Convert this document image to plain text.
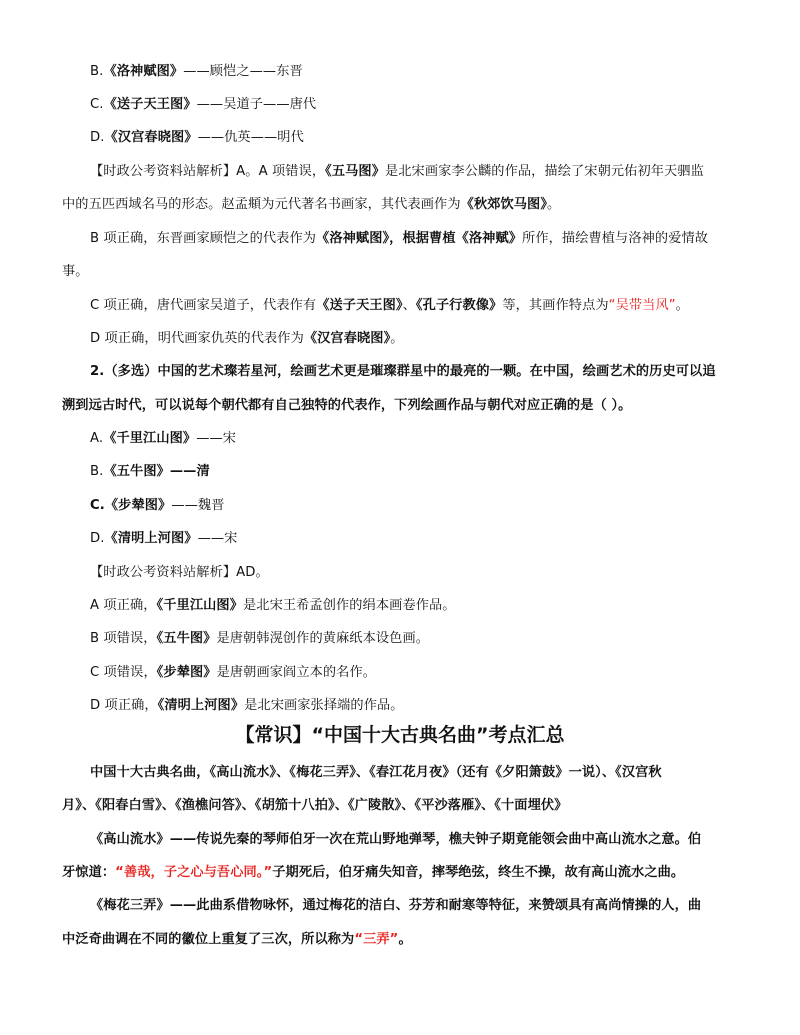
B.《洛神赋图》——顾恺之——东晋
C.《送子天王图》——吴道子——唐代
D.《汉宫春晓图》——仇英——明代
【时政公考资料站解析】A。A 项错误，《五马图》是北宋画家李公麟的作品，描绘了宋朝元佑初年天驷监
中的五匹西域名马的形态。赵孟頫为元代著名书画家，其代表画作为《秋郊饮马图》。
B 项正确，东晋画家顾恺之的代表作为《洛神赋图》，根据曹植《洛神赋》所作，描绘曹植与洛神的爱情故
事。
C 项正确，唐代画家吴道子，代表作有《送子天王图》、《孔子行教像》等，其画作特点为“吴带当风”。
D 项正确，明代画家仇英的代表作为《汉宫春晓图》。
2.（多选）中国的艺术璨若星河，绘画艺术更是璀璨群星中的最亮的一颗。在中国，绘画艺术的历史可以追
溯到远古时代，可以说每个朝代都有自己独特的代表作，下列绘画作品与朝代对应正确的是（ ）。
A.《千里江山图》——宋
B.《五牛图》——清
C.《步辇图》——魏晋
D.《清明上河图》——宋
【时政公考资料站解析】AD。
A 项正确，《千里江山图》是北宋王希孟创作的绢本画卷作品。
B 项错误，《五牛图》是唐朝韩滉创作的黄麻纸本设色画。
C 项错误，《步辇图》是唐朝画家阎立本的名作。
D 项正确，《清明上河图》是北宋画家张择端的作品。
【常识】“中国十大古典名曲”考点汇总
中国十大古典名曲，《高山流水》、《梅花三弄》、《春江花月夜》（还有《夕阳箫鼓》一说）、《汉宫秋
月》、《阳春白雪》、《渔樵问答》、《胡笳十八拍》、《广陵散》、《平沙落雁》、《十面埋伏》
《高山流水》——传说先秦的琴师伯牙一次在荒山野地弹琴，樵夫钟子期竟能领会曲中高山流水之意。伯
牙惊道：“善哉，子之心与吾心同。”子期死后，伯牙痛失知音，摔琴绝弦，终生不操，故有高山流水之曲。
《梅花三弄》——此曲系借物咏怀，通过梅花的洁白、芬芳和耐寒等特征，来赞颂具有高尚情操的人，曲
中泛奇曲调在不同的徽位上重复了三次，所以称为“三弄”。
